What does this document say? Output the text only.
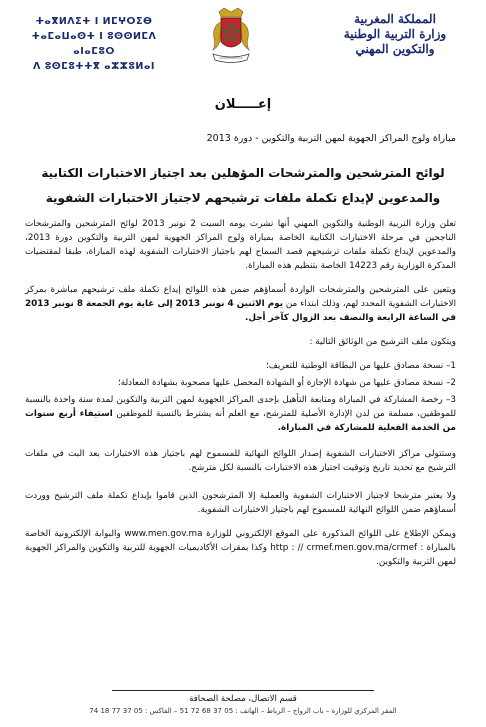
ⵜⴰⴳⵍⴷⵉⵜ ⵏ ⵍⵎⵖⵔⵉⴱ
ⵜⴰⵎⴰⵡⴰⵙⵜ ⵏ ⵓⵙⵙⵍⵎⴷ ⴰⵏⴰⵎⵓⵔ
ⴷ ⵓⵙⵎⵓⵜⵜⴳ ⴰⵣⵣⵓⵍⴰⵏ
المملكة المغربية
وزارة التربية الوطنية
والتكوين المهني
إعـــــلان
مباراة ولوج المراكز الجهوية لمهن التربية والتكوين - دورة 2013
لوائح المترشحين والمترشحات المؤهلين بعد اجتياز الاختبارات الكتابية والمدعوين لإيداع تكملة ملفات ترشيحهم لاجتياز الاختبارات الشفوية

تعلن وزارة التربية الوطنية والتكوين المهني أنها نشرت يومه السبت 2 نونبر 2013 لوائح المترشحين والمترشحات الناجحين في مرحلة الاختبارات الكتابية الخاصة بمباراة ولوج المراكز الجهوية لمهن التربية والتكوين دورة 2013، والمدعوين لإيداع تكملة ملفات ترشيحهم قصد السماح لهم باجتياز الاختبارات الشفوية لهذه المباراة، طبقا لمقتضيات المذكرة الوزارية رقم 14223 الخاصة بتنظيم هذه المباراة.

ويتعين على المترشحين والمترشحات الواردة أسماؤهم ضمن هذه اللوائح إيداع تكملة ملف ترشيحهم مباشرة بمركز الاختبارات الشفوية المحدد لهم، وذلك ابتداء من يوم الاثنين 4 نونبر 2013 إلى غاية يوم الجمعة 8 نونبر 2013 في الساعة الرابعة والنصف بعد الزوال كآخر أجل.

ويتكون ملف الترشيح من الوثائق التالية :

1– نسخة مصادق عليها من البطاقة الوطنية للتعريف؛

2– نسخة مصادق عليها من شهادة الإجازة أو الشهادة المحصل عليها مصحوبة بشهادة المعادلة؛

3– رخصة المشاركة في المباراة ومتابعة التأهيل بإحدى المراكز الجهوية لمهن التربية والتكوين لمدة سنة واحدة بالنسبة للموظفين، مسلمة من لدن الإدارة الأصلية للمترشح، مع العلم أنه يشترط بالنسبة للموظفين استيفاء أربع سنوات من الخدمة الفعلية للمشاركة في المباراة.

وستتولى مراكز الاختبارات الشفوية إصدار اللوائح النهائية للمسموح لهم باجتياز هذه الاختبارات بعد البت في ملفات الترشيح مع تحديد تاريخ وتوقيت اجتياز هذه الاختبارات بالنسبة لكل مترشح.

ولا يعتبر مترشحا لاجتياز الاختبارات الشفوية والعملية إلا المترشحون الذين قاموا بإيداع تكملة ملف الترشيح ووردت أسماؤهم ضمن اللوائح النهائية للمسموح لهم باجتياز الاختبارات الشفوية.

ويمكن الإطلاع على اللوائح المذكورة على الموقع الإلكتروني للوزارة www.men.gov.ma والبوابة الإلكترونية الخاصة بالمباراة : http : // crmef.men.gov.ma/crmef وكذا بمقرات الأكاديميات الجهوية للتربية والتكوين والمراكز الجهوية لمهن التربية والتكوين.

قسم الاتصال، مصلحة الصحافة
المقر المركزي للوزارة – باب الرواح – الرباط – الهاتف : 05 37 68 72 51 – الفاكس : 05 37 77 18 74
